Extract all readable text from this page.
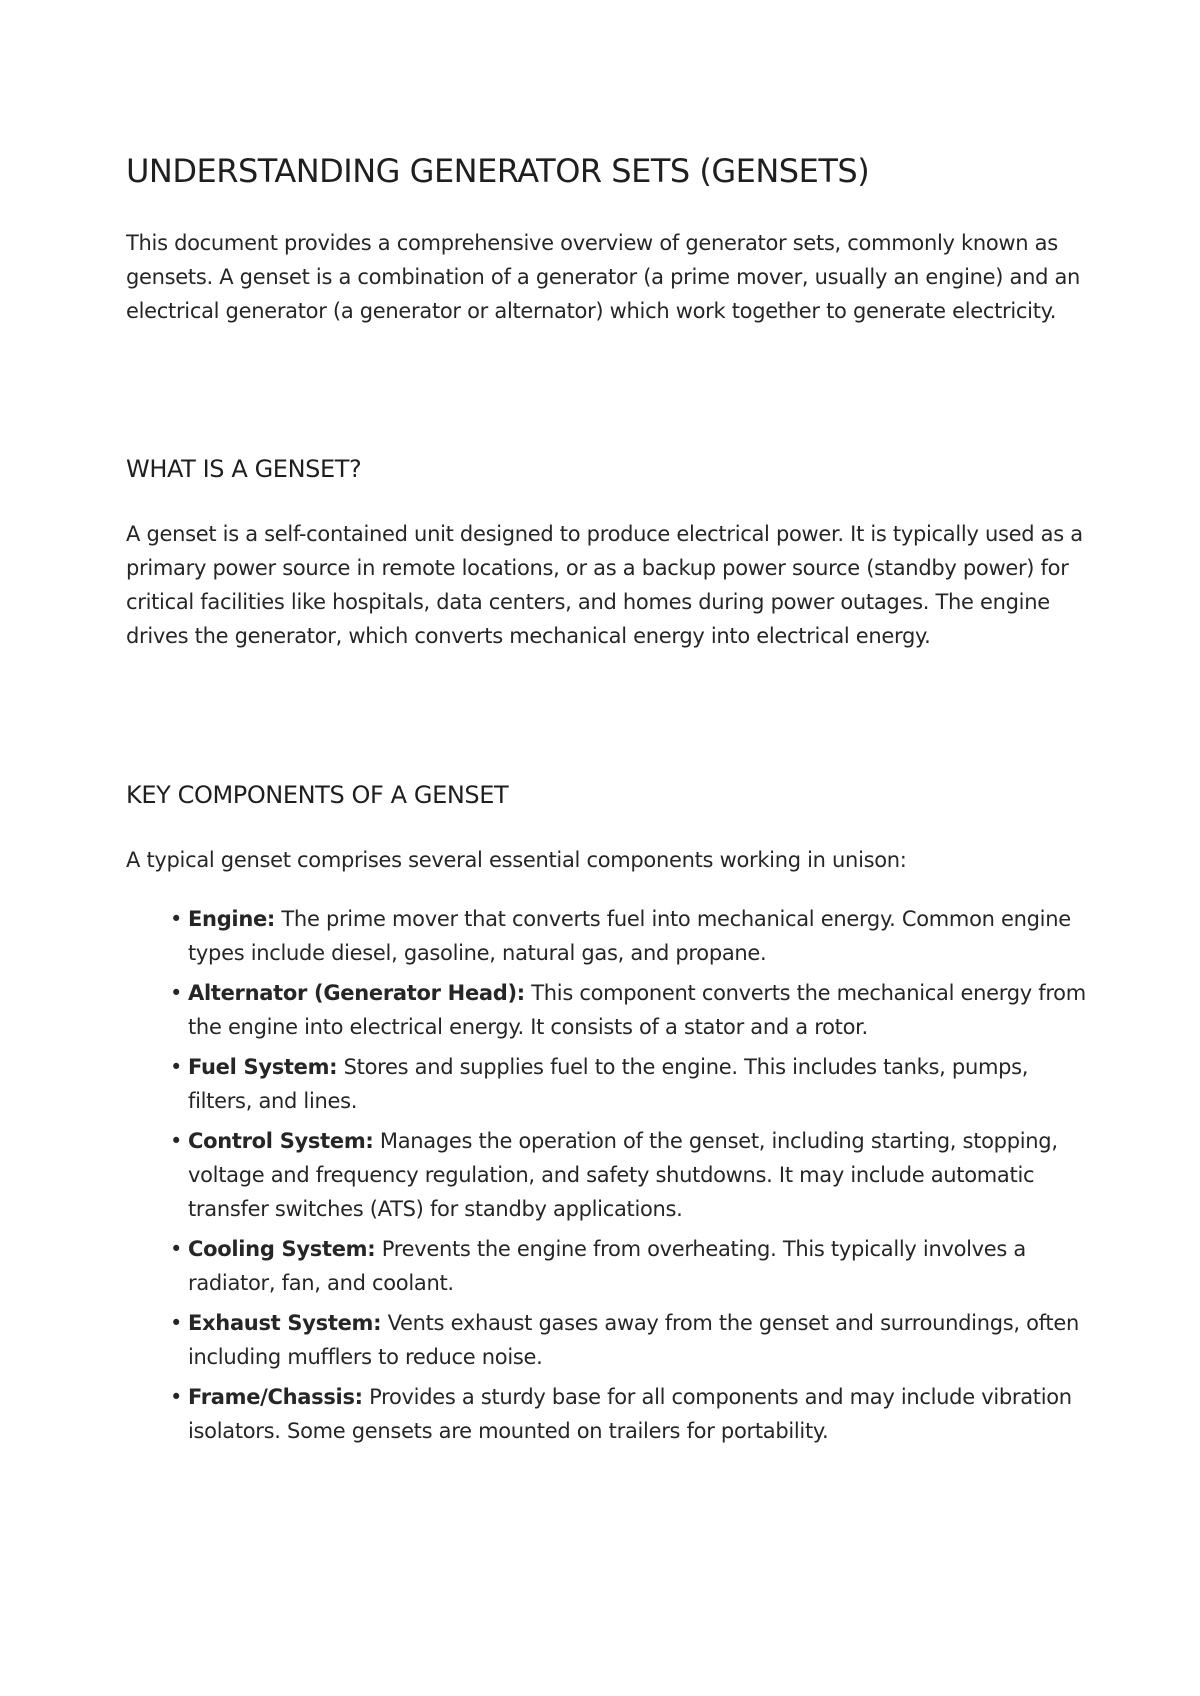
UNDERSTANDING GENERATOR SETS (GENSETS)

This document provides a comprehensive overview of generator sets, commonly known as gensets. A genset is a combination of a generator (a prime mover, usually an engine) and an electrical generator (a generator or alternator) which work together to generate electricity.

WHAT IS A GENSET?

A genset is a self-contained unit designed to produce electrical power. It is typically used as a primary power source in remote locations, or as a backup power source (standby power) for critical facilities like hospitals, data centers, and homes during power outages. The engine drives the generator, which converts mechanical energy into electrical energy.

KEY COMPONENTS OF A GENSET

A typical genset comprises several essential components working in unison:

• Engine: The prime mover that converts fuel into mechanical energy. Common engine types include diesel, gasoline, natural gas, and propane.
• Alternator (Generator Head): This component converts the mechanical energy from the engine into electrical energy. It consists of a stator and a rotor.
• Fuel System: Stores and supplies fuel to the engine. This includes tanks, pumps, filters, and lines.
• Control System: Manages the operation of the genset, including starting, stopping, voltage and frequency regulation, and safety shutdowns. It may include automatic transfer switches (ATS) for standby applications.
• Cooling System: Prevents the engine from overheating. This typically involves a radiator, fan, and coolant.
• Exhaust System: Vents exhaust gases away from the genset and surroundings, often including mufflers to reduce noise.
• Frame/Chassis: Provides a sturdy base for all components and may include vibration isolators. Some gensets are mounted on trailers for portability.
